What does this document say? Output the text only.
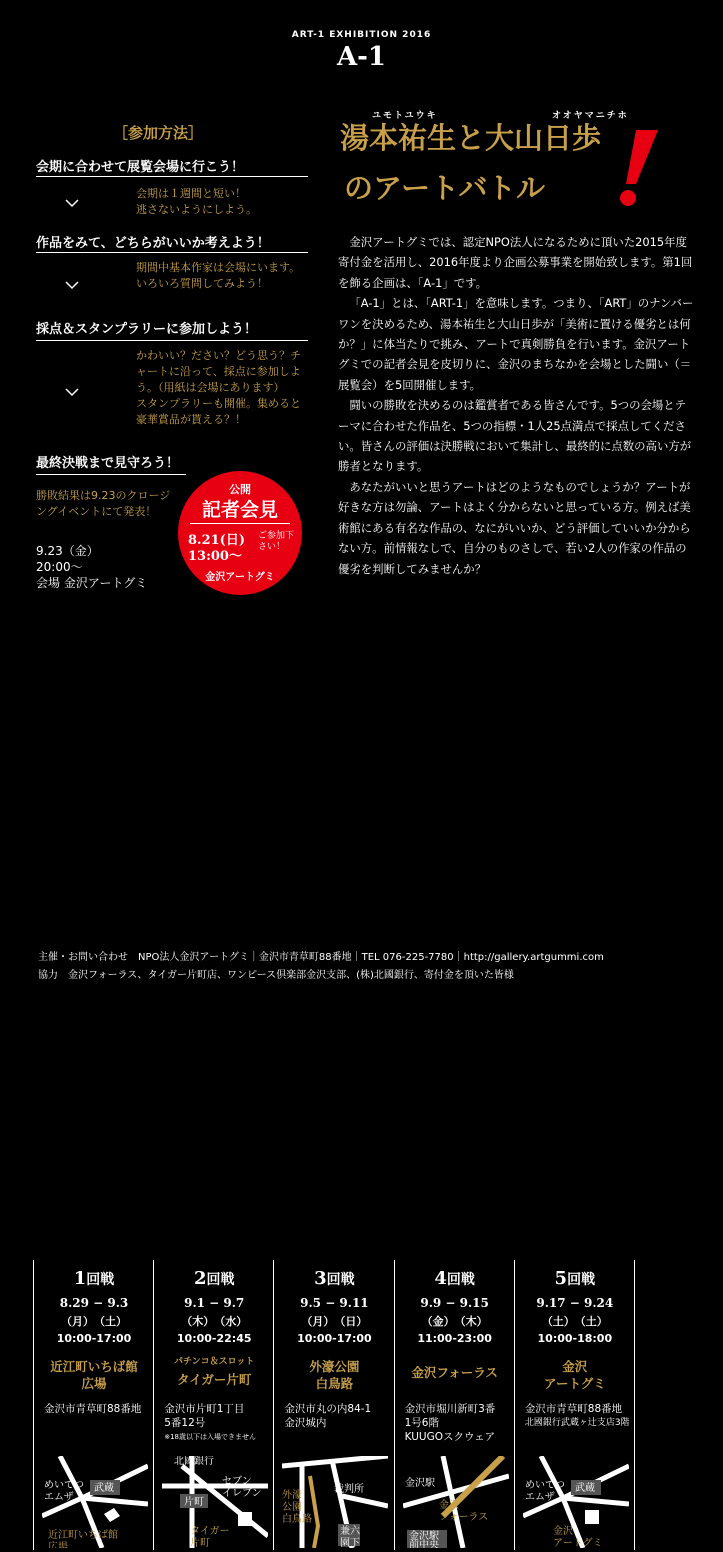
ART-1 EXHIBITION 2016
A-1
［参加方法］
会期に合わせて展覧会場に行こう！
会期は１週間と短い！
逃さないようにしよう。
作品をみて、どちらがいいか考えよう！
期間中基本作家は会場にいます。いろいろ質問してみよう！
採点＆スタンプラリーに参加しよう！
かわいい？ださい？どう思う？チャートに沿って、採点に参加しよう。（用紙は会場にあります）
スタンプラリーも開催。集めると豪華賞品が貰える？！
最終決戦まで見守ろう！
勝敗結果は9.23のクロージングイベントにて発表！
9.23（金）
20:00〜
会場 金沢アートグミ
公開
記者会見
8.21(日)
13:00〜
ご参加下さい！
金沢アートグミ
ユモトユウキ	オオヤマニチホ
湯本祐生と大山日歩
のアートバトル

金沢アートグミでは、認定NPO法人になるために頂いた2015年度寄付金を活用し、2016年度より企画公募事業を開始致します。第1回を飾る企画は、「A-1」です。

「A-1」とは、「ART-1」を意味します。つまり、「ART」のナンバーワンを決めるため、湯本祐生と大山日歩が「美術に置ける優劣とは何か？」に体当たりで挑み、アートで真剣勝負を行います。金沢アートグミでの記者会見を皮切りに、金沢のまちなかを会場とした闘い（＝展覧会）を5回開催します。

闘いの勝敗を決めるのは鑑賞者である皆さんです。5つの会場とテーマに合わせた作品を、5つの指標・1人25点満点で採点してください。皆さんの評価は決勝戦において集計し、最終的に点数の高い方が勝者となります。

あなたがいいと思うアートはどのようなものでしょうか？アートが好きな方は勿論、アートはよく分からないと思っている方。例えば美術館にある有名な作品の、なにがいいか、どう評価していいか分からない方。前情報なしで、自分のものさしで、若い2人の作家の作品の優劣を判断してみませんか？

1回戦
8.29 − 9.3
（月）　（土）
10:00-17:00
近江町いちば館
広場
金沢市青草町88番地
めいてつ
エムザ
武蔵
近江町いちば館
広場
2回戦
9.1 − 9.7
（木）　（水）
10:00-22:45
パチンコ＆スロット
タイガー片町
金沢市片町1丁目
5番12号
※18歳以下は入場できません
北國銀行
片町
セブン
イレブン
タイガー
片町
3回戦
9.5 − 9.11
（月）　（日）
10:00-17:00
外濠公園
白鳥路
金沢市丸の内84-1
金沢城内
外濠
公園
白鳥路
裁判所
兼六
園下
4回戦
9.9 − 9.15
（金）　（木）
11:00-23:00
金沢フォーラス
金沢市堀川新町3番
1号6階
KUUGOスクウェア
金沢駅
金沢
フォーラス
金沢駅
前中央
5回戦
9.17 − 9.24
（土）　（土）
10:00-18:00
金沢
アートグミ
金沢市青草町88番地
北國銀行武蔵ヶ辻支店3階
めいてつ
エムザ
武蔵
金沢
アートグミ
主催・お問い合わせ　NPO法人金沢アートグミ｜金沢市青草町88番地｜TEL 076-225-7780｜http://gallery.artgummi.com
協力　金沢フォーラス、タイガー片町店、ワンピース倶楽部金沢支部、(株)北國銀行、寄付金を頂いた皆様
